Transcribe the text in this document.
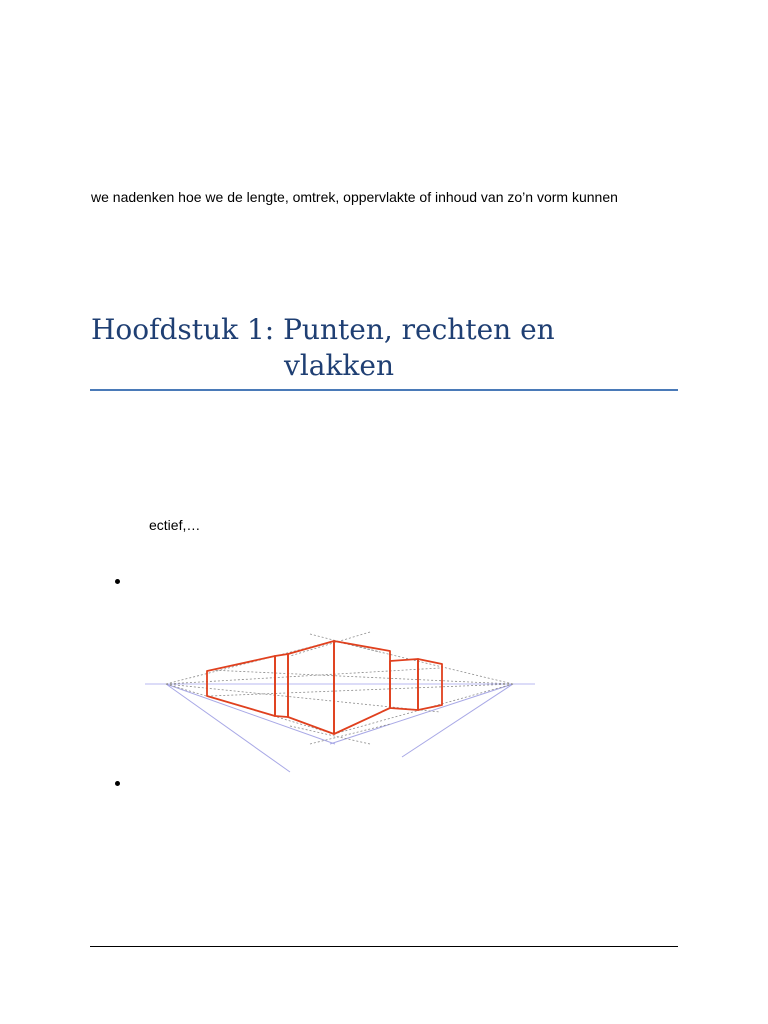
we nadenken hoe we de lengte, omtrek, oppervlakte of inhoud van zo’n vorm kunnen
Hoofdstuk 1: Punten, rechten en
vlakken
ectief,…
